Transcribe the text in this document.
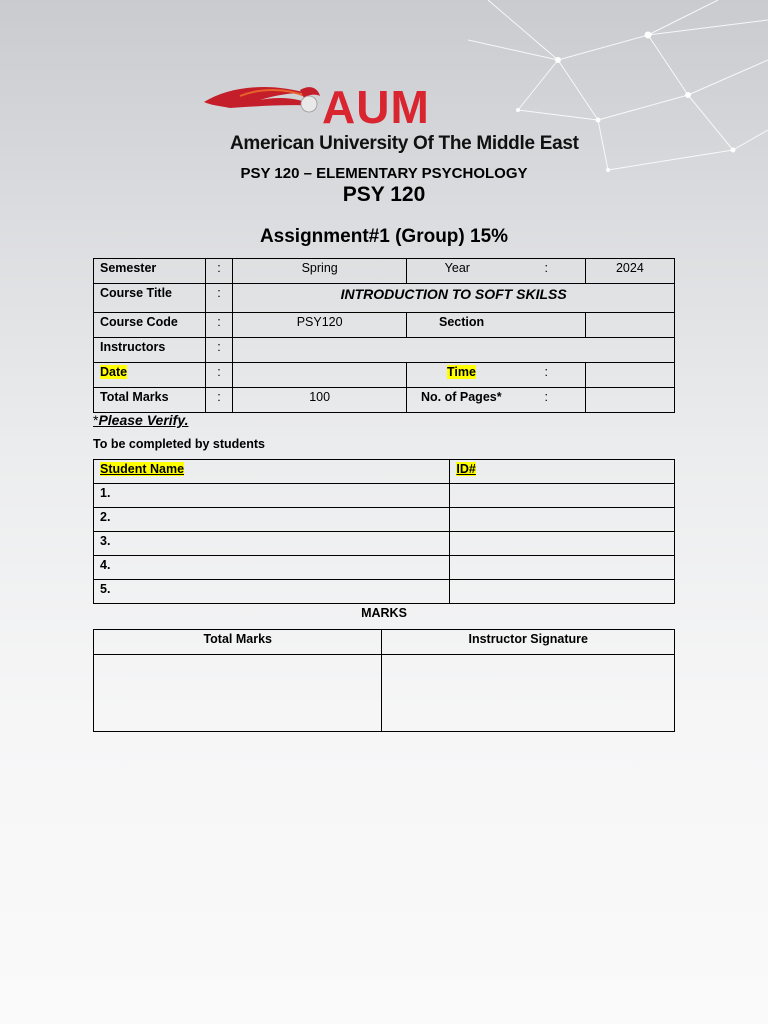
AUM
American University Of The Middle East
PSY 120 – ELEMENTARY PSYCHOLOGY
PSY 120
Assignment#1 (Group) 15%
Semester	:	Spring	Year	:	2024
Course Title	:	INTRODUCTION TO SOFT SKILSS			
Course Code	:	PSY120	Section		
Instructors	:				
Date	:		Time	:	
Total Marks	:	100	No. of Pages*	:	
*Please Verify.
To be completed by students
Student Name	ID#
1.	
2.	
3.	
4.	
5.	
MARKS
Total Marks	Instructor Signature
